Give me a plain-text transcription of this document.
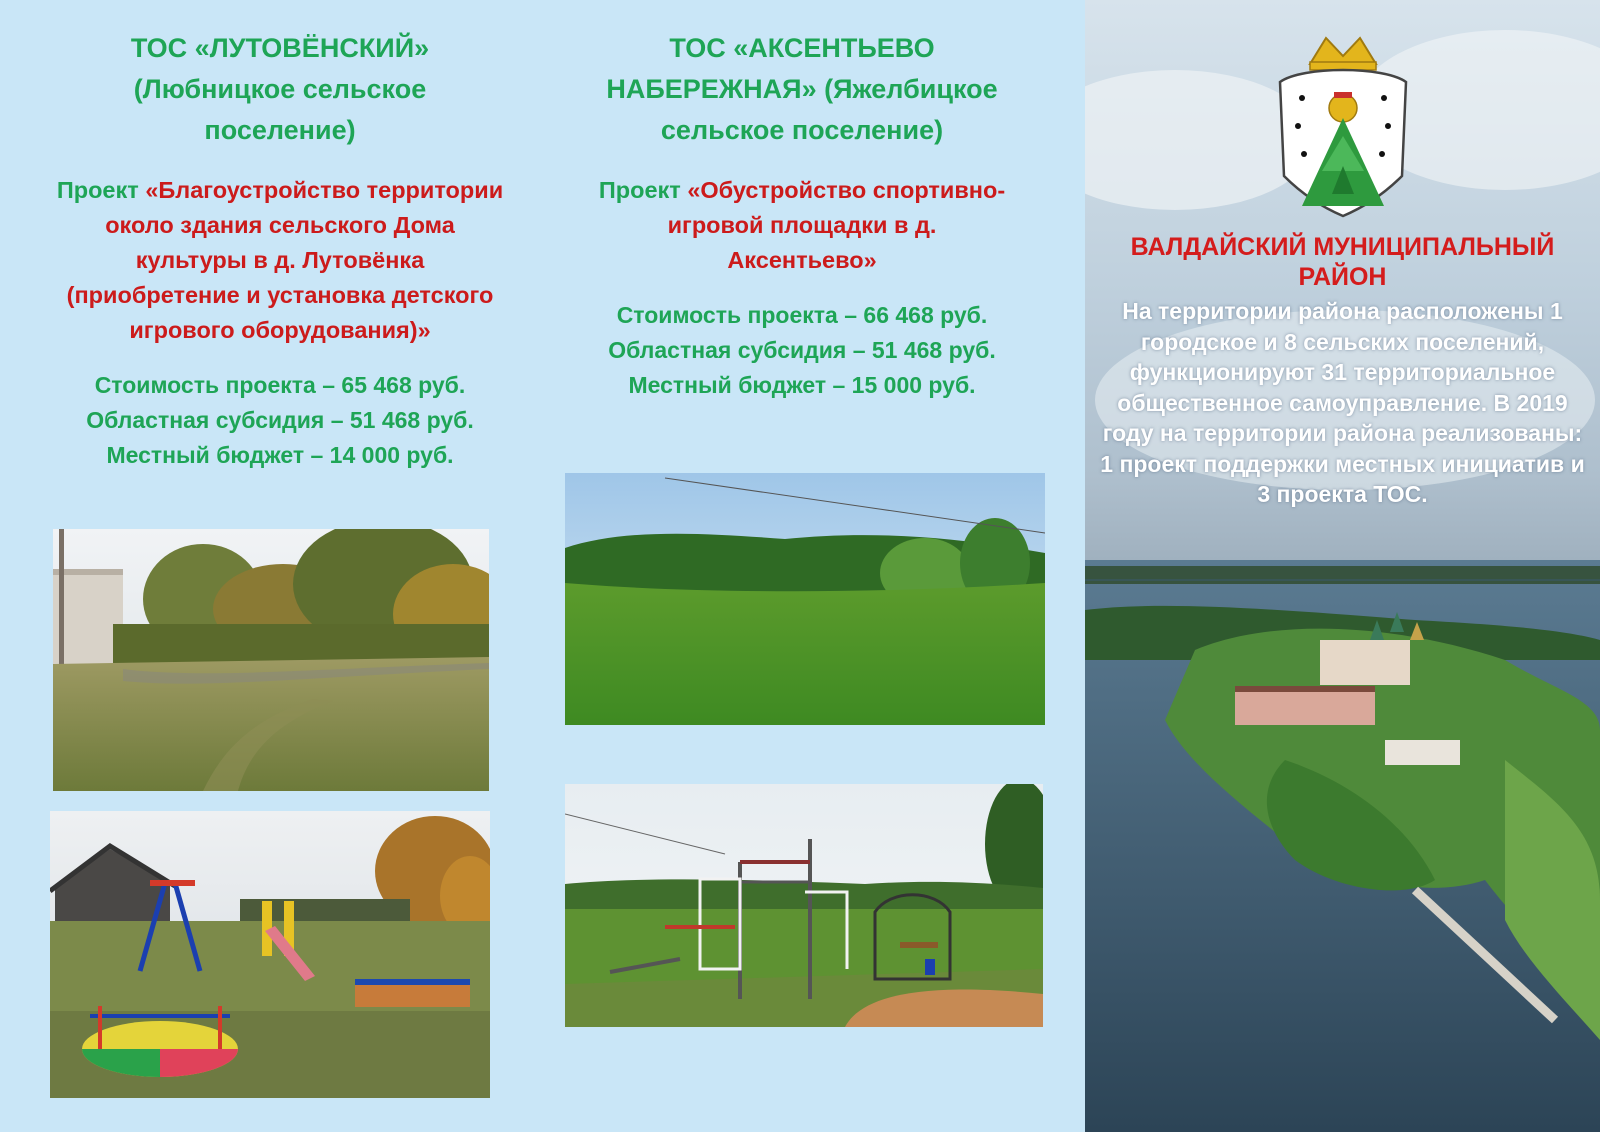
ТОС «ЛУТОВЁНСКИЙ» (Любницкое сельское поселение)
Проект «Благоустройство территории около здания сельского Дома культуры в д. Лутовёнка (приобретение и установка детского игрового оборудования)»
Стоимость проекта – 65 468 руб.
Областная субсидия – 51 468 руб.
Местный бюджет – 14 000 руб.
ТОС «АКСЕНТЬЕВО НАБЕРЕЖНАЯ» (Яжелбицкое сельское поселение)
Проект «Обустройство спортивно-игровой площадки в д. Аксентьево»
Стоимость проекта – 66 468 руб.
Областная субсидия – 51 468 руб.
Местный бюджет – 15 000 руб.
ВАЛДАЙСКИЙ МУНИЦИПАЛЬНЫЙ РАЙОН
На территории района расположены 1 городское и 8 сельских поселений, функционируют 31 территориальное общественное самоуправление. В 2019 году на территории района реализованы: 1 проект поддержки местных инициатив и 3 проекта ТОС.
